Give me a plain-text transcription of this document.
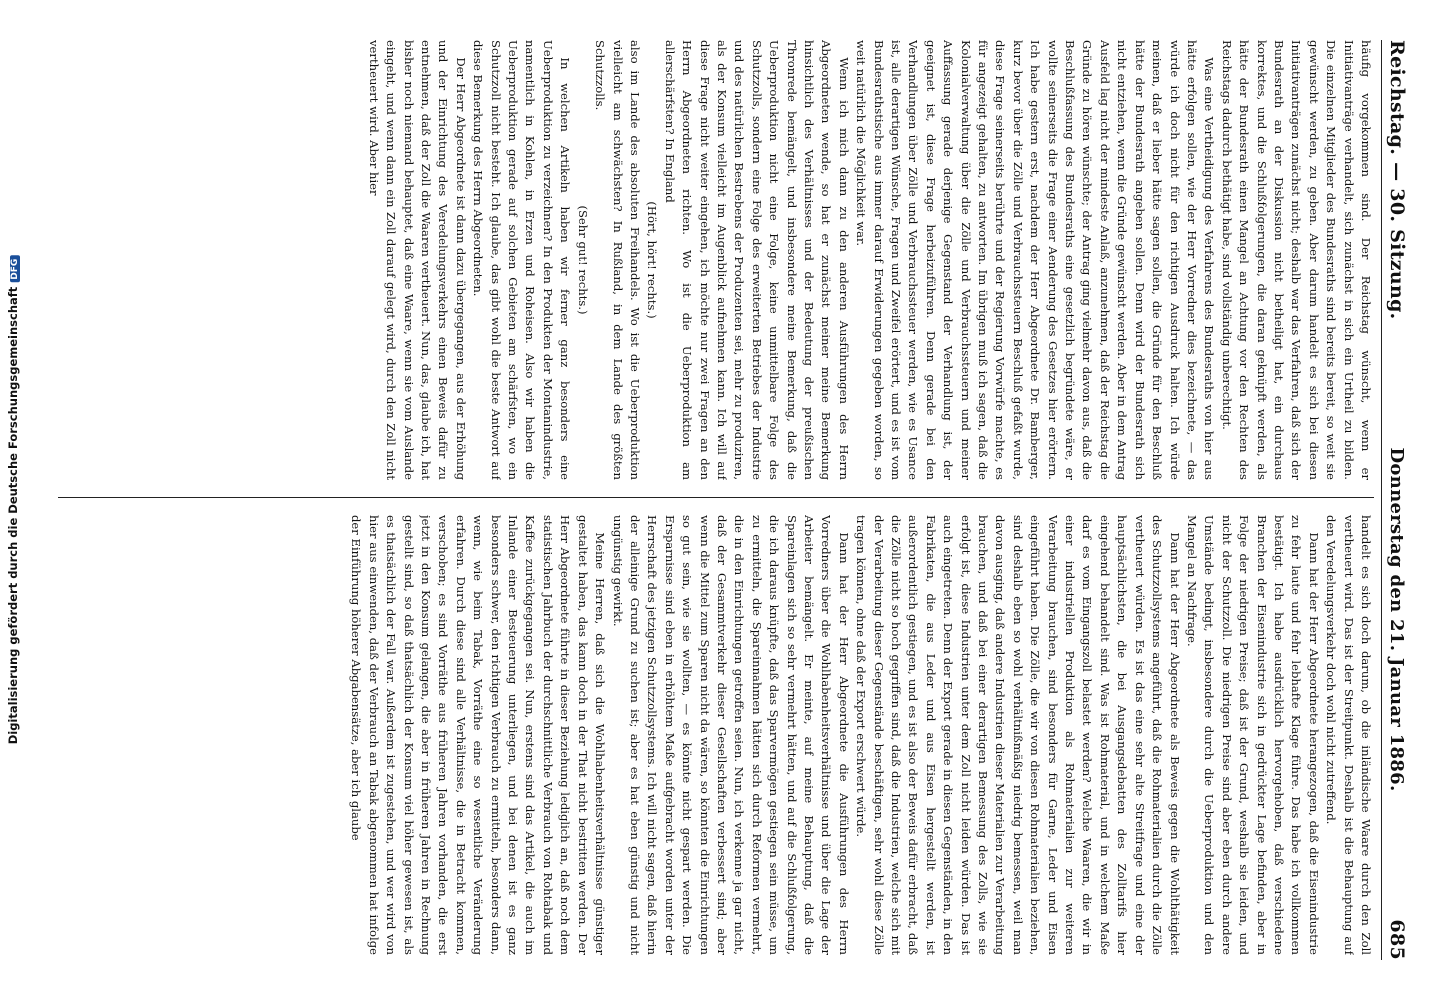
Digitalisierung gefördert durch die Deutsche ForschungsgemeinschaftDFG	Reichstag. — 30. Sitzung.
Donnerstag den 21. Januar 1886.
685

häufig vorgekommen sind. Der Reichstag wünscht, wenn er Initiativanträge verhandelt, sich zunächst in sich ein Urtheil zu bilden. Die einzelnen Mitglieder des Bundesraths sind bereits bereit, so weit sie gewünscht werden, zu geben. Aber darum handelt es sich bei diesen Initiativanträgen zunächst nicht; deshalb war das Verfahren, daß sich der Bundesrath an der Diskussion nicht betheiligt hat, ein durchaus korrektes, und die Schlußfolgerungen, die daran geknüpft werden, als hätte der Bundesrath einen Mangel an Achtung vor den Rechten des Reichstags dadurch bethätigt habe, sind vollständig unberechtigt.

Was eine Vertheidigung des Verfahrens des Bundesraths von hier aus hätte erfolgen sollen, wie der Herr Vorredner dies bezeichnete, — das würde ich doch nicht für den richtigen Ausdruck halten. Ich würde meinen, daß er lieber hätte sagen sollen, die Gründe für den Beschluß hätte der Bundesrath angeben sollen. Denn wird der Bundesrath sich nicht entziehen, wenn die Gründe gewünscht werden. Aber in dem Antrag Ausfeld lag nicht der mindeste Anlaß, anzunehmen, daß der Reichstag die Gründe zu hören wünschte; der Antrag ging vielmehr davon aus, daß die Beschlußfassung des Bundesraths eine gesetzlich begründete wäre, er wollte seinerseits die Frage einer Aenderung des Gesetzes hier erörtern. Ich habe gestern erst, nachdem der Herr Abgeordnete Dr. Bamberger, kurz bevor über die Zölle und Verbrauchssteuern Beschluß gefaßt wurde, diese Frage seinerseits berührte und der Regierung Vorwürfe machte, es für angezeigt gehalten, zu antworten. Im übrigen muß ich sagen, daß die Kolonialverwaltung über die Zölle und Verbrauchssteuern und meiner Auffassung gerade derjenige Gegenstand der Verhandlung ist, der geeignet ist, diese Frage herbeizuführen. Denn gerade bei den Verhandlungen über Zölle und Verbrauchssteuer werden, wie es Usance ist, alle derartigen Wünsche, Fragen und Zweifel erörtert, und es ist vom Bundesrathstische aus immer darauf Erwiderungen gegeben worden, so weit natürlich die Möglichkeit war.

Wenn ich mich dann zu den anderen Ausführungen des Herrn Abgeordneten wende, so hat er zunächst meiner meine Bemerkung hinsichtlich des Verhältnisses und der Bedeutung der preußischen Thronrede bemängelt, und insbesondere meine Bemerkung, daß die Ueberproduktion nicht eine Folge, keine unmittelbare Folge des Schutzzolls, sondern eine Folge des erweiterten Betriebes der Industrie und des natürlichen Bestrebens der Produzenten sei, mehr zu produziren, als der Konsum vielleicht im Augenblick aufnehmen kann. Ich will auf diese Frage nicht weiter eingehen, ich möchte nur zwei Fragen an den Herrn Abgeordneten richten. Wo ist die Ueberproduktion am allerschärfsten? In England

(Hört, hört! rechts.)

also im Lande des absoluten Freihandels. Wo ist die Ueberproduktion vielleicht am schwächsten? In Rußland, in dem Lande des größten Schutzzolls.

(Sehr gut! rechts.)

In welchen Artikeln haben wir ferner ganz besonders eine Ueberproduktion zu verzeichnen? In den Produkten der Montanindustrie, namentlich in Kohlen, in Erzen und Roheisen. Also wir haben die Ueberproduktion gerade auf solchen Gebieten am schärfsten, wo ein Schutzzoll nicht besteht. Ich glaube, das gibt wohl die beste Antwort auf diese Bemerkung des Herrn Abgeordneten.

Der Herr Abgeordnete ist dann dazu übergegangen, aus der Erhöhung und der Einrichtung des Veredelungsverkehrs einen Beweis dafür zu entnehmen, daß der Zoll die Waaren vertheuert. Nun, das, glaube ich, hat bisher noch niemand behauptet, daß eine Waare, wenn sie vom Auslande eingeht, und wenn dann ein Zoll darauf gelegt wird, durch den Zoll nicht vertheuert wird. Aber hier

handelt es sich doch darum, ob die inländische Waare durch den Zoll vertheuert wird. Das ist der Streitpunkt. Deshalb ist die Behauptung auf den Veredelungsverkehr doch wohl nicht zutreffend.

Dann hat der Herr Abgeordnete herangezogen, daß die Eisenindustrie zu fehr laute und fehr lebhafte Klage führe. Das habe ich vollkommen bestätigt. Ich habe ausdrücklich hervorgehoben, daß verschiedene Branchen der Eisenindustrie sich in gedrückter Lage befinden, aber in Folge der niedrigen Preise; daß ist der Grund, weshalb sie leiden, und nicht der Schutzzoll. Die niedrigen Preise sind aber eben durch andere Umstände bedingt, insbesondere durch die Ueberproduktion und den Mangel an Nachfrage.

Dann hat der Herr Abgeordnete als Beweis gegen die Wohlthätigkeit des Schutzzollsystems angeführt, daß die Rohmaterialien durch die Zölle vertheuert würden. Es ist das eine sehr alte Streitfrage und eine der hauptsächlichsten, die bei Ausgangsdebatten des Zolltarifs hier eingehend behandelt sind. Was ist Rohmaterial, und in welchem Maße darf es vom Eingangszoll belastet werden? Welche Waaren, die wir in einer industriellen Produktion als Rohmaterialien zur weiteren Verarbeitung brauchen, sind besonders für Garne, Leder und Eisen eingeführt haben. Die Zölle, die wir von diesen Rohmaterialien beziehen, sind deshalb eben so wohl verhältnißmäßig niedrig bemessen, weil man davon ausging, daß andere Industrien dieser Materialien zur Verarbeitung brauchen, und daß bei einer derartigen Bemessung des Zolls, wie sie erfolgt ist, diese Industrien unter dem Zoll nicht leiden würden. Das ist auch eingetreten. Denn der Export gerade in diesen Gegenständen, in den Fabrikaten, die aus Leder und aus Eisen hergestellt werden, ist außerordentlich gestiegen, und es ist also der Beweis dafür erbracht, daß die Zölle nicht so hoch gegriffen sind, daß die Industrien, welche sich mit der Verarbeitung dieser Gegenstände beschäftigen, sehr wohl diese Zölle tragen können, ohne daß der Export erschwert würde.

Dann hat der Herr Abgeordnete die Ausführungen des Herrn Vorredners über die Wohlhabenheitsverhältnisse und über die Lage der Arbeiter bemängelt. Er meinte, auf meine Behauptung, daß die Spareinlagen sich so sehr vermehrt hätten, und auf die Schlußfolgerung, die ich daraus knüpfte, daß das Sparvermögen gestiegen sein müsse, um zu ermitteln, die Spareinnahmen hätten sich durch Reformen vermehrt, die in den Einrichtungen getroffen seien. Nun, ich verkenne ja gar nicht, daß der Gesammtverkehr dieser Gesellschaften verbessert sind; aber wenn die Mittel zum Sparen nicht da wären, so könnten die Einrichtungen so gut sein, wie sie wollten, — es könnte nicht gespart werden. Die Ersparnisse sind eben in erhöhtem Maße aufgebracht worden unter der Herrschaft des jetzigen Schutzzollsystems. Ich will nicht sagen, daß hierin der alleinige Grund zu suchen ist; aber es hat eben günstig und nicht ungünstig gewirkt.

Meine Herren, daß sich die Wohlhabenheitsverhältnisse günstiger gestaltet haben, das kann doch in der That nicht bestritten werden. Der Herr Abgeordnete führte in dieser Beziehung lediglich an, daß noch dem statistischen Jahrbuch der durchschnittliche Verbrauch von Rohtabak und Kaffee zurückgegangen sei. Nun, erstens sind das Artikel, die auch im Inlande einer Besteuerung unterliegen, und bei denen ist es ganz besonders schwer, den richtigen Verbrauch zu ermitteln, besonders dann, wenn, wie beim Tabak, Vorräthe eine so wesentliche Veränderung erfahren. Durch diese sind alle Verhältnisse, die in Betracht kommen, verschoben; es sind Vorräthe aus früheren Jahren vorhanden, die erst jetzt in den Konsum gelangen, die aber in früheren Jahren in Rechnung gestellt sind, so daß thatsächlich der Konsum viel höher gewesen ist, als es thatsächlich der Fall war. Außerdem ist zugestehen, und wer wird von hier aus einwenden, daß der Verbrauch an Tabak abgenommen hat infolge der Einführung höherer Abgabensätze, aber ich glaube
